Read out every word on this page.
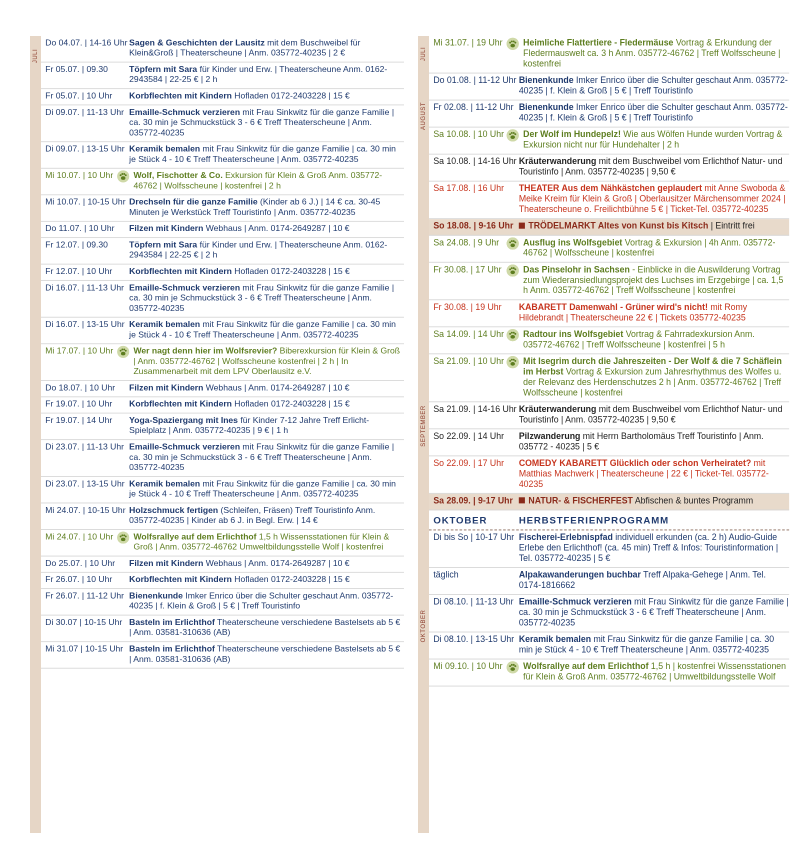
JULI
Do 04.07. | 14-16 Uhr Sagen & Geschichten der Lausitz mit dem Buschweibel für Klein&Groß | Theaterscheune | Anm. 035772-40235 | 2 €
Fr 05.07. | 09.30	Töpfern mit Sara für Kinder und Erw. | Theaterscheune Anm. 0162-2943584 | 22-25 € | 2 h
Fr 05.07. | 10 Uhr	Korbflechten mit Kindern Hofladen 0172-2403228 | 15 €
Di 09.07. | 11-13 Uhr Emaille-Schmuck verzieren mit Frau Sinkwitz für die ganze Familie | ca. 30 min je Schmuckstück 3 - 6 € Treff Theaterscheune | Anm. 035772-40235
Di 09.07. | 13-15 Uhr Keramik bemalen mit Frau Sinkwitz für die ganze Familie | ca. 30 min je Stück 4 - 10 € Treff Theaterscheune | Anm. 035772-40235
Mi 10.07. | 10 Uhr	Wolf, Fischotter & Co. Exkursion für Klein & Groß Anm. 035772-46762 | Wolfsscheune | kostenfrei | 2 h
Mi 10.07. | 10-15 Uhr Drechseln für die ganze Familie (Kinder ab 6 J.) | 14 € ca. 30-45 Minuten je Werkstück Treff Touristinfo | Anm. 035772-40235
Do 11.07. | 10 Uhr	Filzen mit Kindern Webhaus | Anm. 0174-2649287 | 10 €
Fr 12.07. | 09.30	Töpfern mit Sara für Kinder und Erw. | Theaterscheune Anm. 0162-2943584 | 22-25 € | 2 h
Fr 12.07. | 10 Uhr	Korbflechten mit Kindern Hofladen 0172-2403228 | 15 €
Di 16.07. | 11-13 Uhr Emaille-Schmuck verzieren mit Frau Sinkwitz für die ganze Familie | ca. 30 min je Schmuckstück 3 - 6 € Treff Theaterscheune | Anm. 035772-40235
Di 16.07. | 13-15 Uhr Keramik bemalen mit Frau Sinkwitz für die ganze Familie | ca. 30 min je Stück 4 - 10 € Treff Theaterscheune | Anm. 035772-40235
Mi 17.07. | 10 Uhr	Wer nagt denn hier im Wolfsrevier? Biberexkursion für Klein & Groß | Anm. 035772-46762 | Wolfsscheune kostenfrei | 2 h | In Zusammenarbeit mit dem LPV Oberlausitz e.V.
Do 18.07. | 10 Uhr	Filzen mit Kindern Webhaus | Anm. 0174-2649287 | 10 €
Fr 19.07. | 10 Uhr	Korbflechten mit Kindern Hofladen 0172-2403228 | 15 €
Fr 19.07. | 14 Uhr	Yoga-Spaziergang mit Ines für Kinder 7-12 Jahre Treff Erlicht-Spielplatz | Anm. 035772-40235 | 9 € | 1 h
Di 23.07. | 11-13 Uhr Emaille-Schmuck verzieren mit Frau Sinkwitz für die ganze Familie | ca. 30 min je Schmuckstück 3 - 6 € Treff Theaterscheune | Anm. 035772-40235
Di 23.07. | 13-15 Uhr Keramik bemalen mit Frau Sinkwitz für die ganze Familie | ca. 30 min je Stück 4 - 10 € Treff Theaterscheune | Anm. 035772-40235
Mi 24.07. | 10-15 Uhr Holzschmuck fertigen (Schleifen, Fräsen) Treff Touristinfo Anm. 035772-40235 | Kinder ab 6 J. in Begl. Erw. | 14 €
Mi 24.07. | 10 Uhr	Wolfsrallye auf dem Erlichthof 1,5 h Wissensstationen für Klein & Groß | Anm. 035772-46762 Umweltbildungsstelle Wolf | kostenfrei
Do 25.07. | 10 Uhr	Filzen mit Kindern Webhaus | Anm. 0174-2649287 | 10 €
Fr 26.07. | 10 Uhr	Korbflechten mit Kindern Hofladen 0172-2403228 | 15 €
Fr 26.07. | 11-12 Uhr Bienenkunde Imker Enrico über die Schulter geschaut Anm. 035772-40235 | f. Klein & Groß | 5 € | Treff Touristinfo
Di 30.07 | 10-15 Uhr Basteln im Erlichthof Theaterscheune verschiedene Bastelsets ab 5 € | Anm. 03581-310636 (AB)
Mi 31.07 | 10-15 Uhr Basteln im Erlichthof Theaterscheune verschiedene Bastelsets ab 5 € | Anm. 03581-310636 (AB)
JULI
AUGUST
SEPTEMBER
OKTOBER
Mi 31.07. | 19 Uhr	Heimliche Flattertiere - Fledermäuse Vortrag & Erkundung der Fledermauswelt ca. 3 h Anm. 035772-46762 | Treff Wolfsscheune | kostenfrei
Do 01.08. | 11-12 Uhr Bienenkunde Imker Enrico über die Schulter geschaut Anm. 035772-40235 | f. Klein & Groß | 5 € | Treff Touristinfo
Fr 02.08. | 11-12 Uhr Bienenkunde Imker Enrico über die Schulter geschaut Anm. 035772-40235 | f. Klein & Groß | 5 € | Treff Touristinfo
Sa 10.08. | 10 Uhr	Der Wolf im Hundepelz! Wie aus Wölfen Hunde wurden Vortrag & Exkursion nicht nur für Hundehalter | 2 h
Sa 10.08. | 14-16 Uhr Kräuterwanderung mit dem Buschweibel vom Erlichthof Natur- und Touristinfo | Anm. 035772-40235 | 9,50 €
Sa 17.08. | 16 Uhr	THEATER Aus dem Nähkästchen geplaudert mit Anne Swoboda & Meike Kreim für Klein & Groß | Oberlausitzer Märchensommer 2024 | Theaterscheune o. Freilichtbühne 5 € | Ticket-Tel. 035772-40235
So 18.08. | 9-16 Uhr	TRÖDELMARKT Altes von Kunst bis Kitsch | Eintritt frei
Sa 24.08. | 9 Uhr	Ausflug ins Wolfsgebiet Vortrag & Exkursion | 4h Anm. 035772-46762 | Wolfsscheune | kostenfrei
Fr 30.08. | 17 Uhr	Das Pinselohr in Sachsen - Einblicke in die Auswilderung Vortrag zum Wiederansiedlungsprojekt des Luchses im Erzgebirge | ca. 1,5 h Anm. 035772-46762 | Treff Wolfsscheune | kostenfrei
Fr 30.08. | 19 Uhr	KABARETT Damenwahl - Grüner wird's nicht! mit Romy Hildebrandt | Theaterscheune 22 € | Tickets 035772-40235
Sa 14.09. | 14 Uhr	Radtour ins Wolfsgebiet Vortrag & Fahrradexkursion Anm. 035772-46762 | Treff Wolfsscheune | kostenfrei | 5 h
Sa 21.09. | 10 Uhr	Mit Isegrim durch die Jahreszeiten - Der Wolf & die 7 Schäflein im Herbst Vortrag & Exkursion zum Jahresrhythmus des Wolfes u. der Relevanz des Herdenschutzes 2 h | Anm. 035772-46762 | Treff Wolfsscheune | kostenfrei
Sa 21.09. | 14-16 Uhr Kräuterwanderung mit dem Buschweibel vom Erlichthof Natur- und Touristinfo | Anm. 035772-40235 | 9,50 €
So 22.09. | 14 Uhr	Pilzwanderung mit Herrn Bartholomäus Treff Touristinfo | Anm. 035772 - 40235 | 5 €
So 22.09. | 17 Uhr	COMEDY KABARETT Glücklich oder schon Verheiratet? mit Matthias Machwerk | Theaterscheune | 22 € | Ticket-Tel. 035772-40235
Sa 28.09. | 9-17 Uhr	NATUR- & FISCHERFEST Abfischen & buntes Programm
OKTOBER	HERBSTFERIENPROGRAMM
Di bis So | 10-17 Uhr Fischerei-Erlebnispfad individuell erkunden (ca. 2 h) Audio-Guide Erlebe den Erlichthof! (ca. 45 min) Treff & Infos: Touristinformation | Tel. 035772-40235 | 5 €
täglich	Alpakawanderungen buchbar Treff Alpaka-Gehege | Anm. Tel. 0174-1816662
Di 08.10. | 11-13 Uhr Emaille-Schmuck verzieren mit Frau Sinkwitz für die ganze Familie | ca. 30 min je Schmuckstück 3 - 6 € Treff Theaterscheune | Anm. 035772-40235
Di 08.10. | 13-15 Uhr Keramik bemalen mit Frau Sinkwitz für die ganze Familie | ca. 30 min je Stück 4 - 10 € Treff Theaterscheune | Anm. 035772-40235
Mi 09.10. | 10 Uhr	Wolfsrallye auf dem Erlichthof 1,5 h | kostenfrei Wissensstationen für Klein & Groß Anm. 035772-46762 | Umweltbildungsstelle Wolf
